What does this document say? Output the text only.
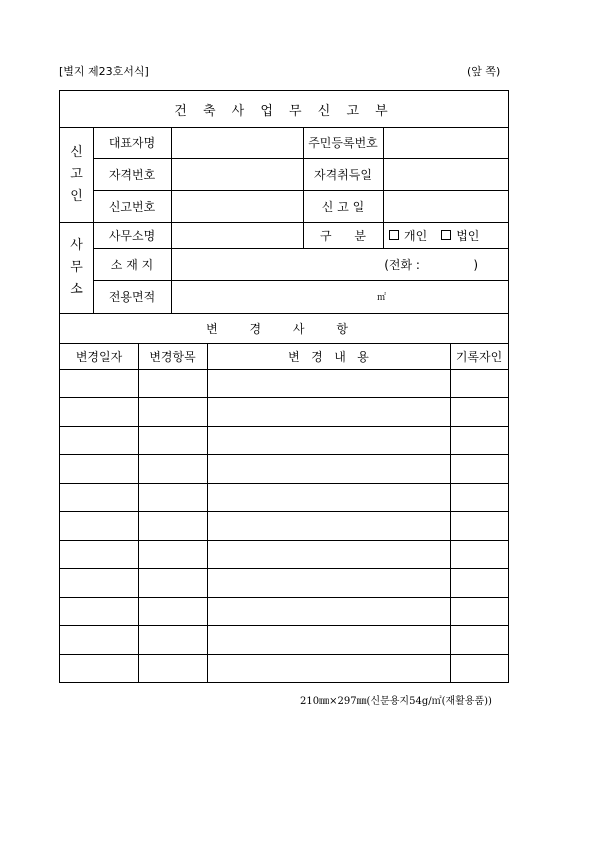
[별지 제23호서식]	(앞 쪽)
건 축 사 업 무 신 고 부
신
고
인
대표자명	주민등록번호
자격번호	자격취득일
신고번호	신 고 일
사
무
소
사무소명	구      분	개인 법인
소 재 지	(전화 :              )
전용면적	㎡
변 경 사 항
변경일자	변경항목	변   경   내   용	기록자인
210㎜×297㎜(신문용지54g/㎡(재활용품))
